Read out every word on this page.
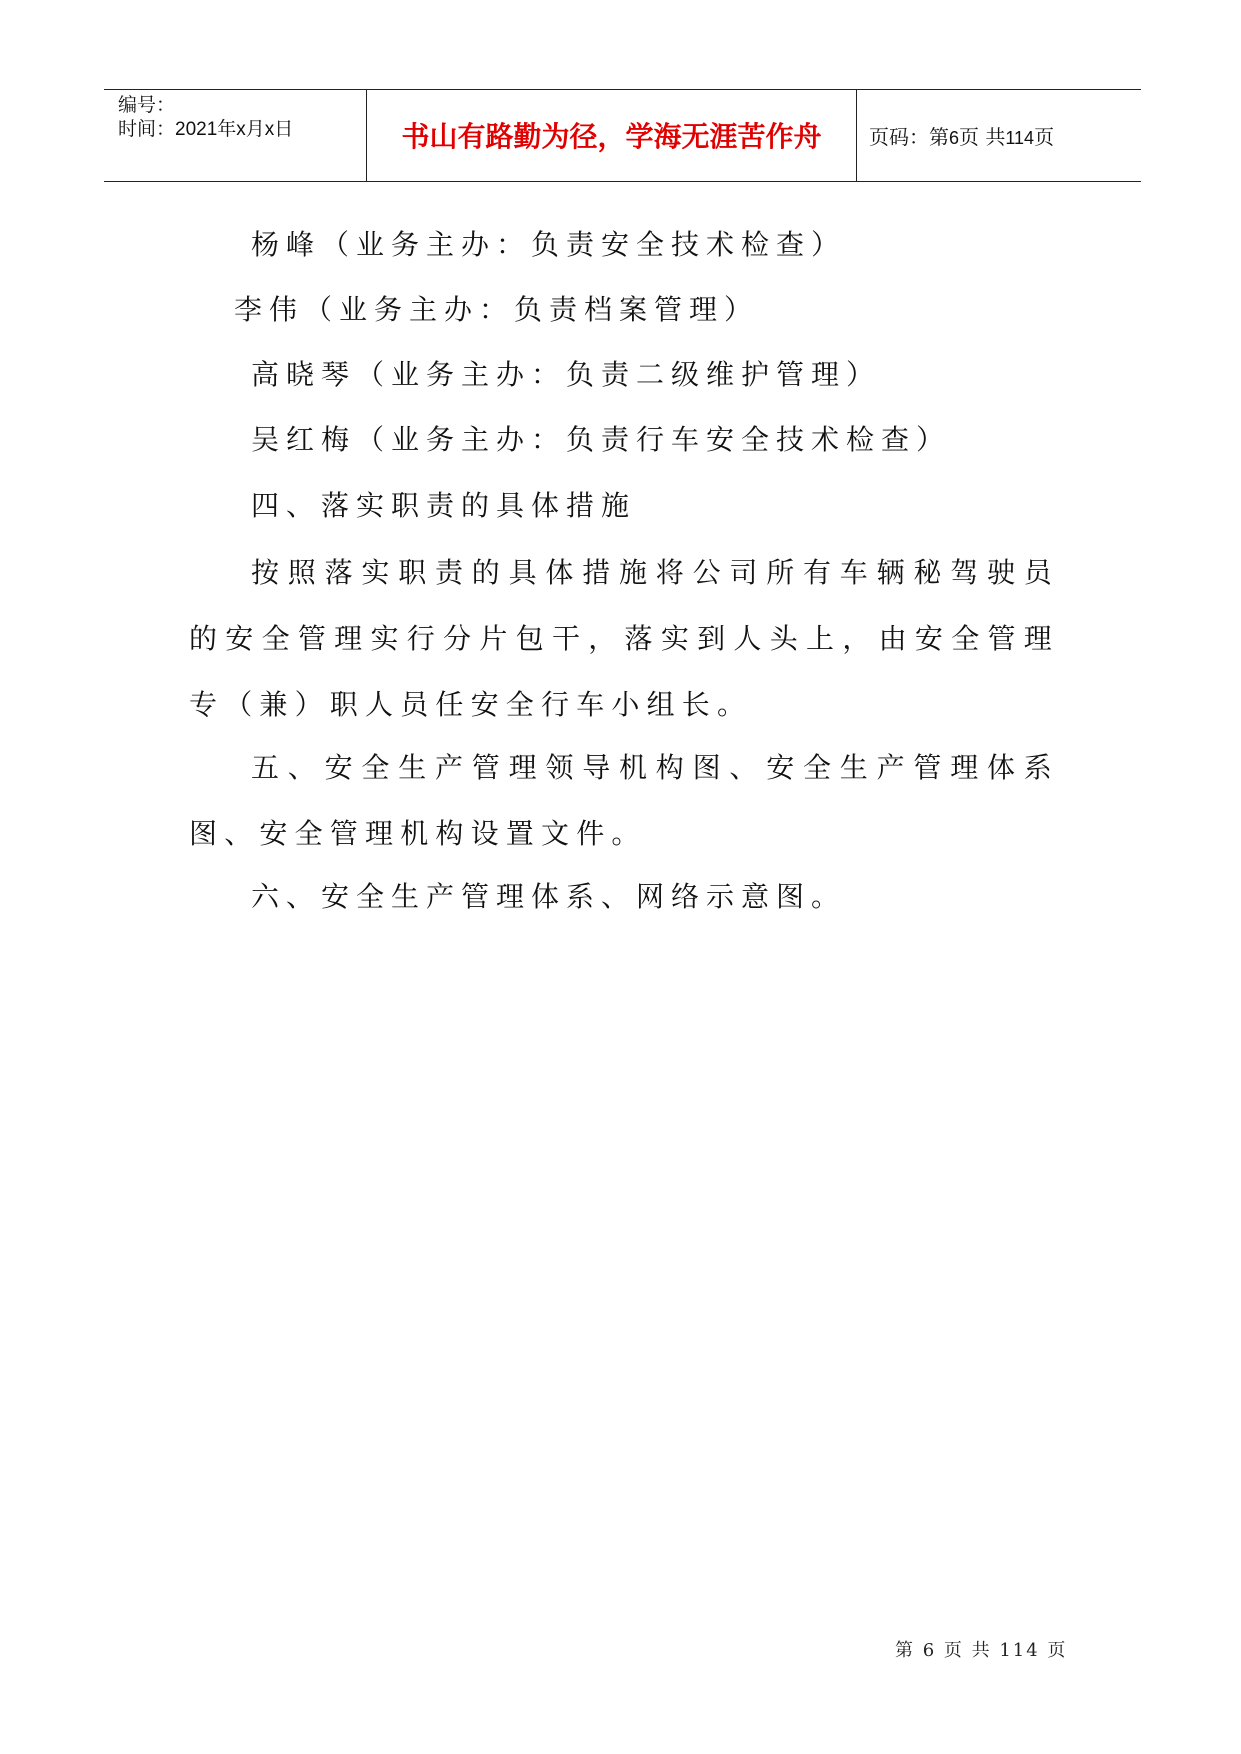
编号：
时间：2021年x月x日	书山有路勤为径，学海无涯苦作舟	页码：第6页 共114页
杨峰（业务主办：负责安全技术检查）
李伟（业务主办：负责档案管理）
高晓琴（业务主办：负责二级维护管理）
吴红梅（业务主办：负责行车安全技术检查）
四、落实职责的具体措施
按照落实职责的具体措施将公司所有车辆秘驾驶员的安全管理实行分片包干，落实到人头上，由安全管理专（兼）职人员任安全行车小组长。
五、安全生产管理领导机构图、安全生产管理体系图、安全管理机构设置文件。
六、安全生产管理体系、网络示意图。
第 6 页 共 114 页
